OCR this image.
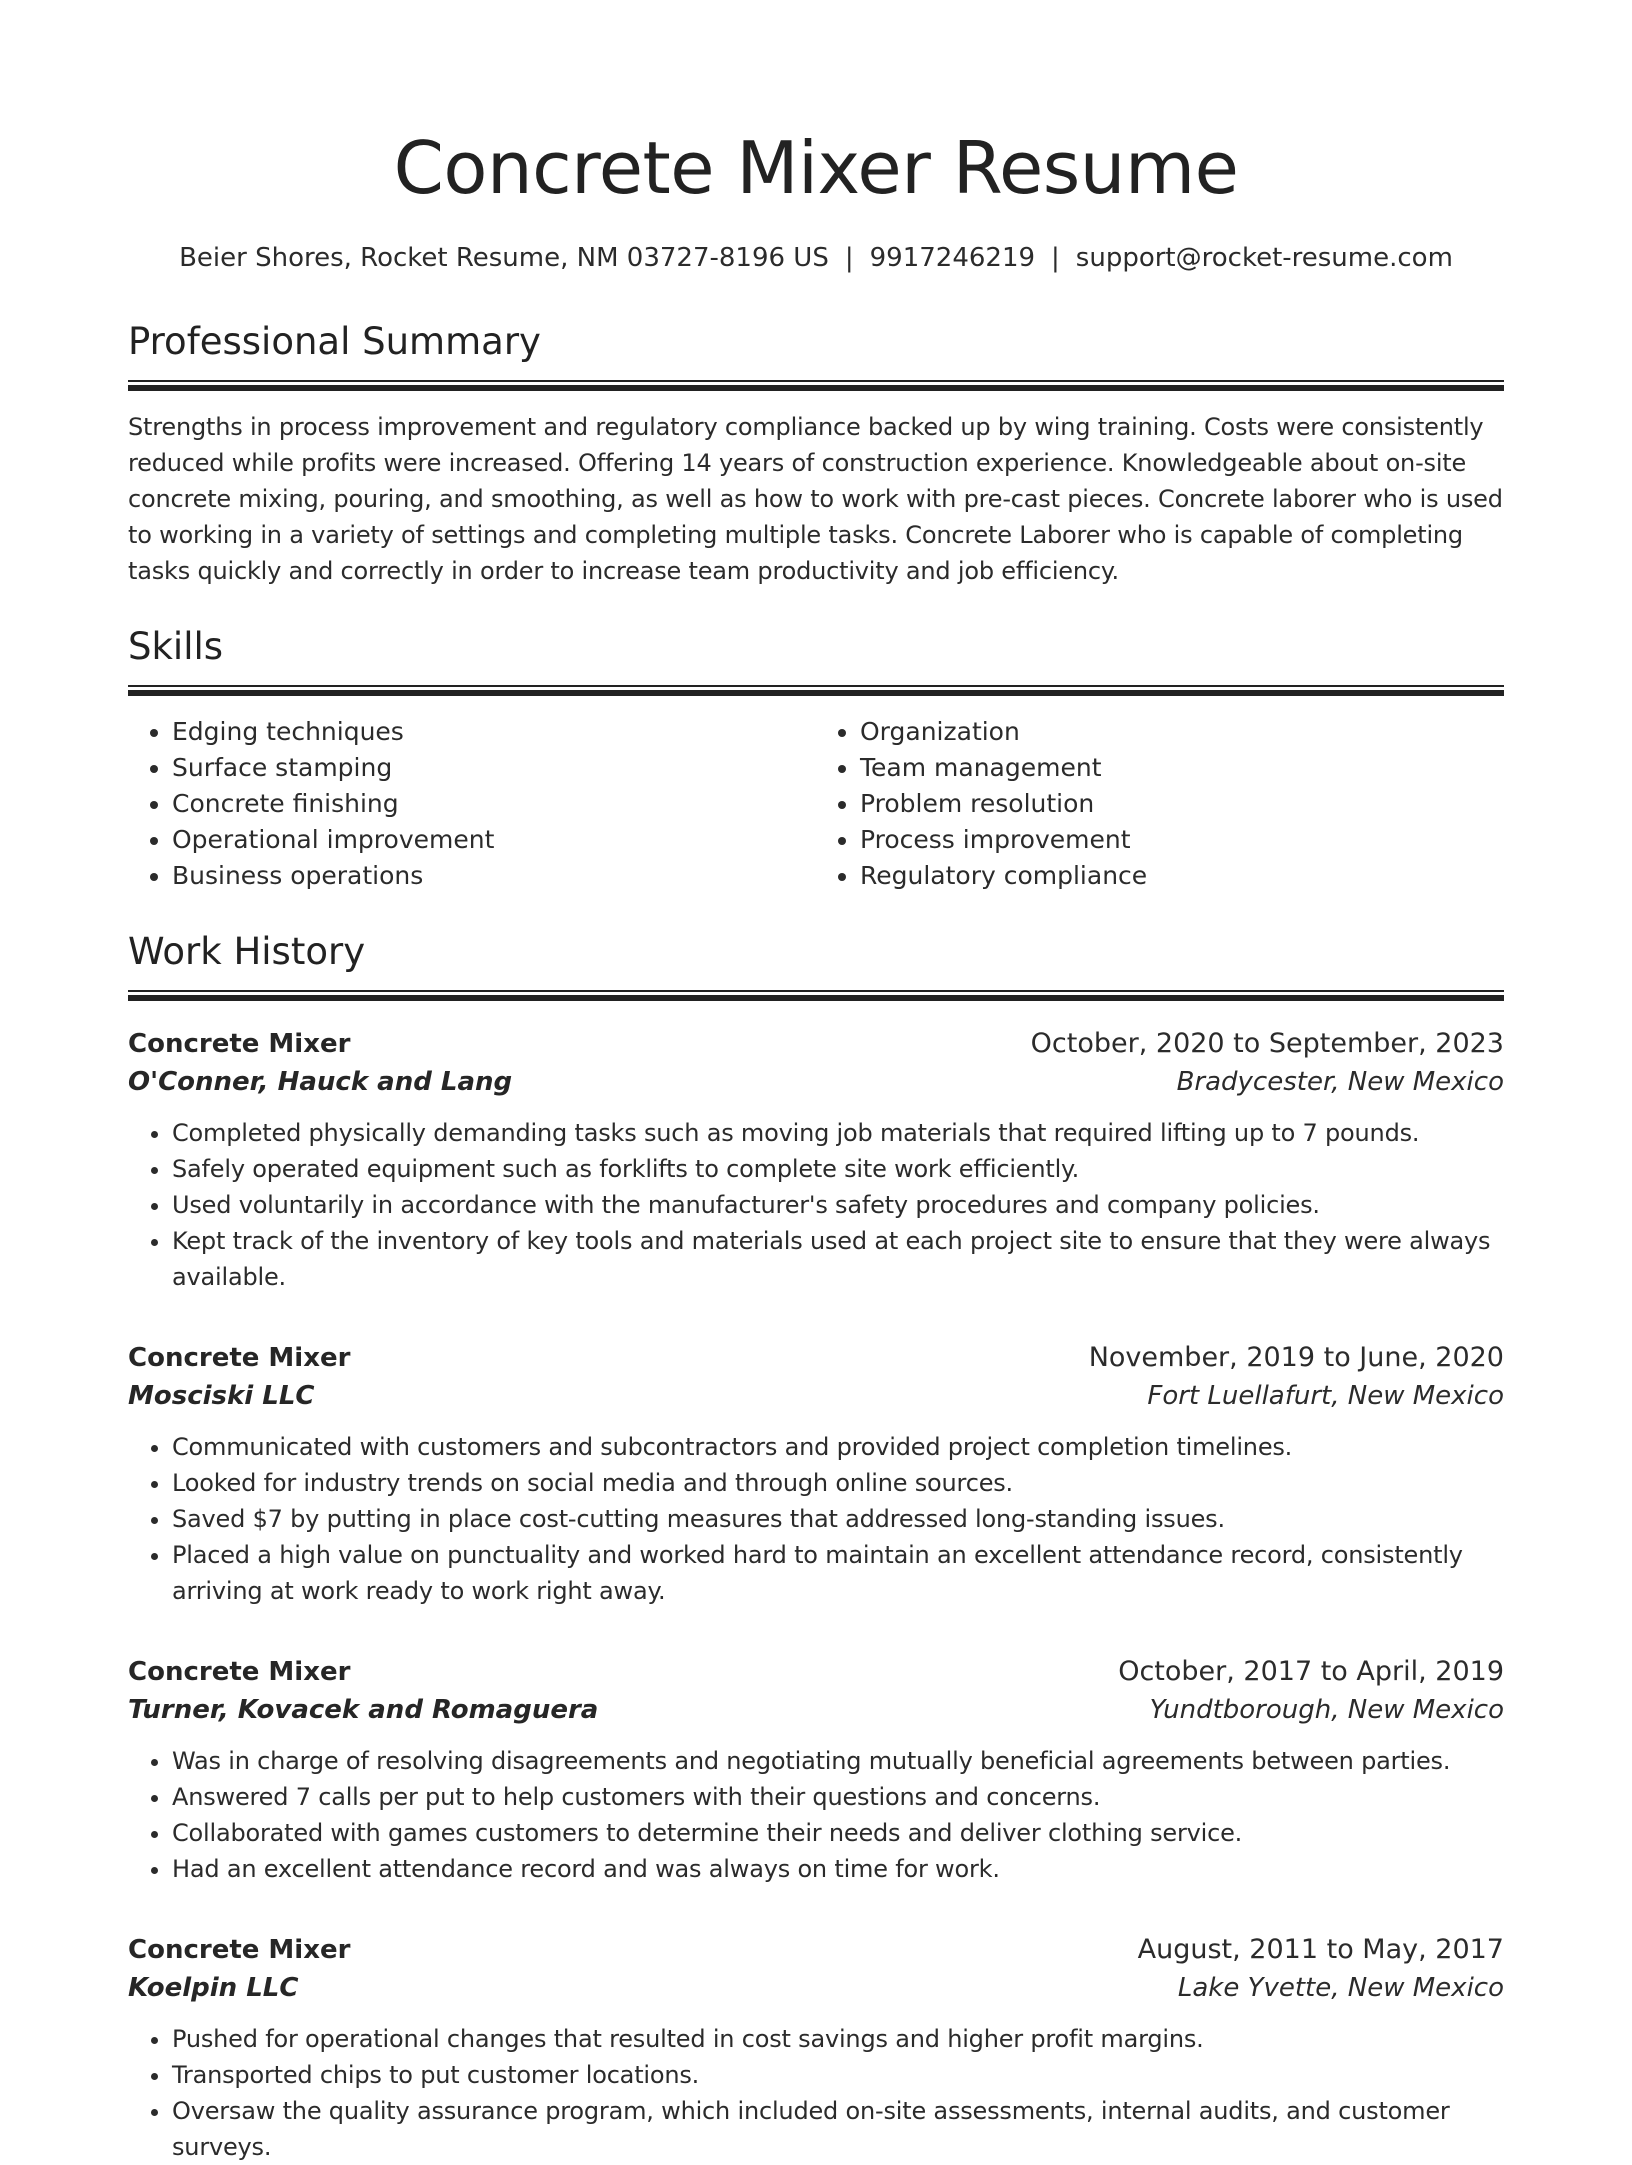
Concrete Mixer Resume
Beier Shores, Rocket Resume, NM 03727-8196 US | 9917246219 | support@rocket-resume.com
Professional Summary

Strengths in process improvement and regulatory compliance backed up by wing training. Costs were consistently reduced while profits were increased. Offering 14 years of construction experience. Knowledgeable about on-site concrete mixing, pouring, and smoothing, as well as how to work with pre-cast pieces. Concrete laborer who is used to working in a variety of settings and completing multiple tasks. Concrete Laborer who is capable of completing tasks quickly and correctly in order to increase team productivity and job efficiency.

Skills
• Edging techniques
• Surface stamping
• Concrete finishing
• Operational improvement
• Business operations
• Organization
• Team management
• Problem resolution
• Process improvement
• Regulatory compliance
Work History
Concrete Mixer	October, 2020 to September, 2023
O'Conner, Hauck and Lang	Bradycester, New Mexico
• Completed physically demanding tasks such as moving job materials that required lifting up to 7 pounds.
• Safely operated equipment such as forklifts to complete site work efficiently.
• Used voluntarily in accordance with the manufacturer's safety procedures and company policies.
• Kept track of the inventory of key tools and materials used at each project site to ensure that they were always available.
Concrete Mixer	November, 2019 to June, 2020
Mosciski LLC	Fort Luellafurt, New Mexico
• Communicated with customers and subcontractors and provided project completion timelines.
• Looked for industry trends on social media and through online sources.
• Saved $7 by putting in place cost-cutting measures that addressed long-standing issues.
• Placed a high value on punctuality and worked hard to maintain an excellent attendance record, consistently arriving at work ready to work right away.
Concrete Mixer	October, 2017 to April, 2019
Turner, Kovacek and Romaguera	Yundtborough, New Mexico
• Was in charge of resolving disagreements and negotiating mutually beneficial agreements between parties.
• Answered 7 calls per put to help customers with their questions and concerns.
• Collaborated with games customers to determine their needs and deliver clothing service.
• Had an excellent attendance record and was always on time for work.
Concrete Mixer	August, 2011 to May, 2017
Koelpin LLC	Lake Yvette, New Mexico
• Pushed for operational changes that resulted in cost savings and higher profit margins.
• Transported chips to put customer locations.
• Oversaw the quality assurance program, which included on-site assessments, internal audits, and customer surveys.
